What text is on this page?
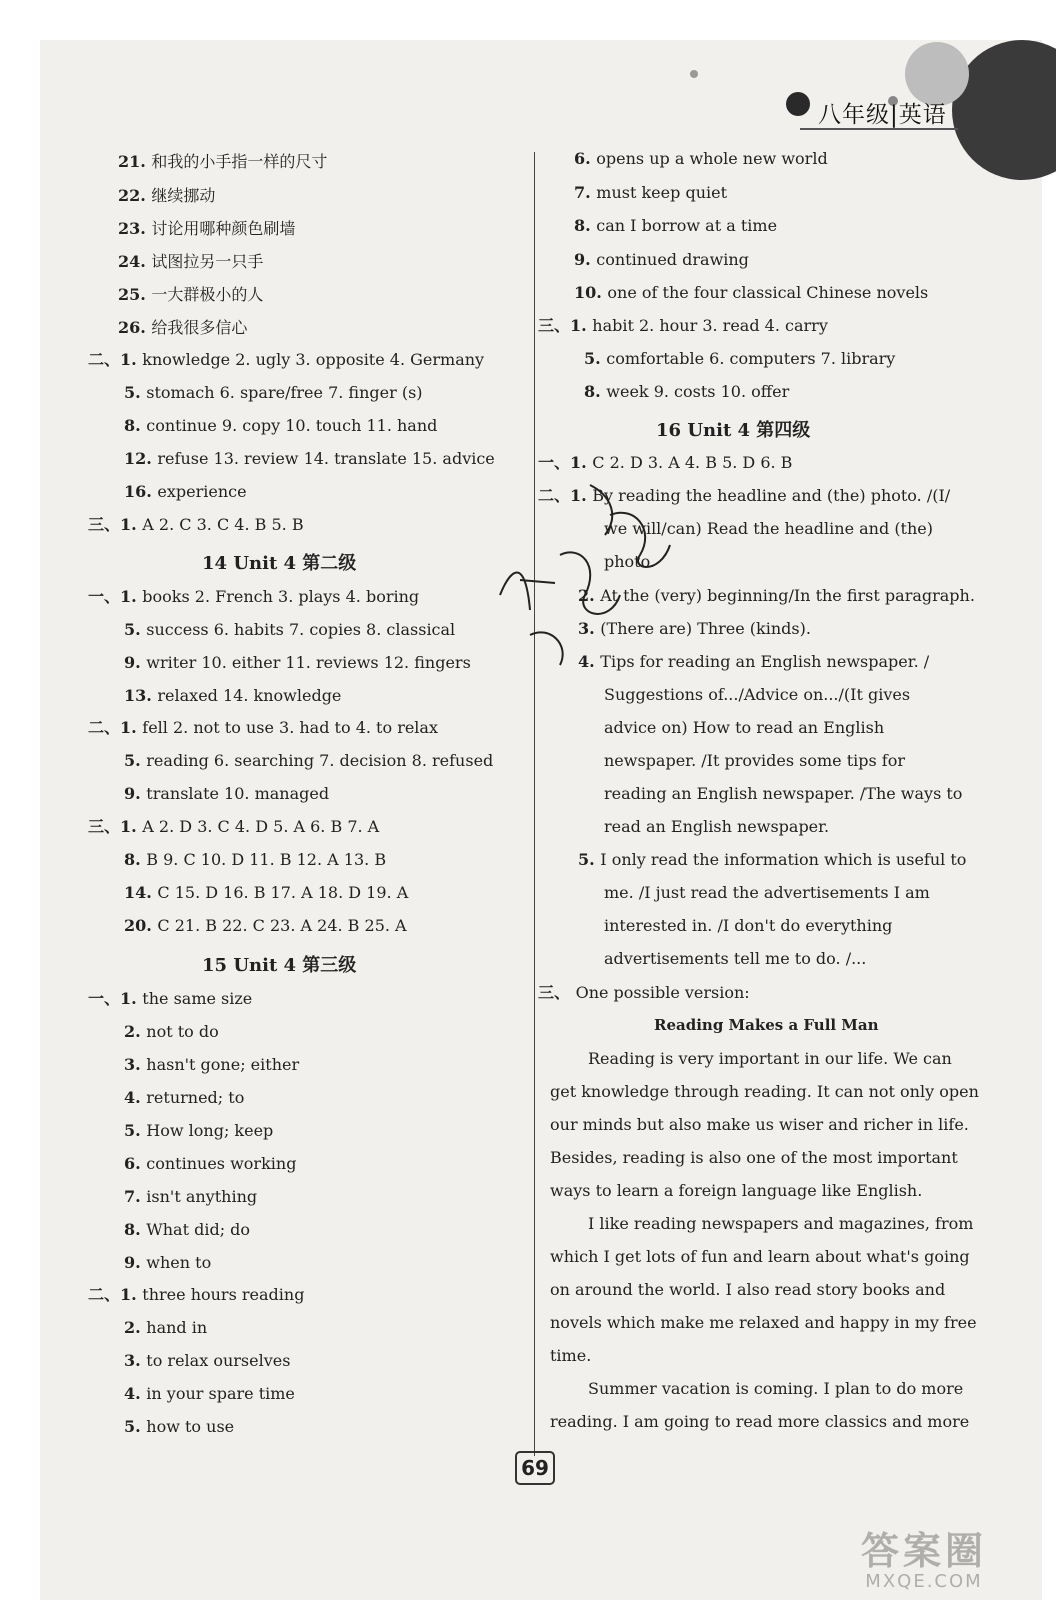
八年级|英语
21. 和我的小手指一样的尺寸
22. 继续挪动
23. 讨论用哪种颜色刷墙
24. 试图拉另一只手
25. 一大群极小的人
26. 给我很多信心
二、1. knowledge 2. ugly 3. opposite 4. Germany
5. stomach 6. spare/free 7. finger (s)
8. continue 9. copy 10. touch 11. hand
12. refuse 13. review 14. translate 15. advice
16. experience
三、1. A 2. C 3. C 4. B 5. B
一、1. books 2. French 3. plays 4. boring
5. success 6. habits 7. copies 8. classical
9. writer 10. either 11. reviews 12. fingers
13. relaxed 14. knowledge
二、1. fell 2. not to use 3. had to 4. to relax
5. reading 6. searching 7. decision 8. refused
9. translate 10. managed
三、1. A 2. D 3. C 4. D 5. A 6. B 7. A
8. B 9. C 10. D 11. B 12. A 13. B
14. C 15. D 16. B 17. A 18. D 19. A
20. C 21. B 22. C 23. A 24. B 25. A
一、1. the same size
2. not to do
3. hasn't gone; either
4. returned; to
5. How long; keep
6. continues working
7. isn't anything
8. What did; do
9. when to
二、1. three hours reading
2. hand in
3. to relax ourselves
4. in your spare time
5. how to use
6. opens up a whole new world
7. must keep quiet
8. can I borrow at a time
9. continued drawing
10. one of the four classical Chinese novels
三、1. habit 2. hour 3. read 4. carry
5. comfortable 6. computers 7. library
8. week 9. costs 10. offer
一、1. C 2. D 3. A 4. B 5. D 6. B
二、1. By reading the headline and (the) photo. /(I/
we will/can) Read the headline and (the)
photo.
2. At the (very) beginning/In the first paragraph.
3. (There are) Three (kinds).
4. Tips for reading an English newspaper. /
Suggestions of.../Advice on.../(It gives
advice on) How to read an English
newspaper. /It provides some tips for
reading an English newspaper. /The ways to
read an English newspaper.
5. I only read the information which is useful to
me. /I just read the advertisements I am
interested in. /I don't do everything
advertisements tell me to do. /...
三、 One possible version:
14 Unit 4 第二级
15 Unit 4 第三级
16 Unit 4 第四级
Reading Makes a Full Man
Reading is very important in our life. We can
get knowledge through reading. It can not only open
our minds but also make us wiser and richer in life.
Besides, reading is also one of the most important
ways to learn a foreign language like English.
I like reading newspapers and magazines, from
which I get lots of fun and learn about what's going
on around the world. I also read story books and
novels which make me relaxed and happy in my free
time.
Summer vacation is coming. I plan to do more
reading. I am going to read more classics and more
69
答案圈
MXQE.COM
